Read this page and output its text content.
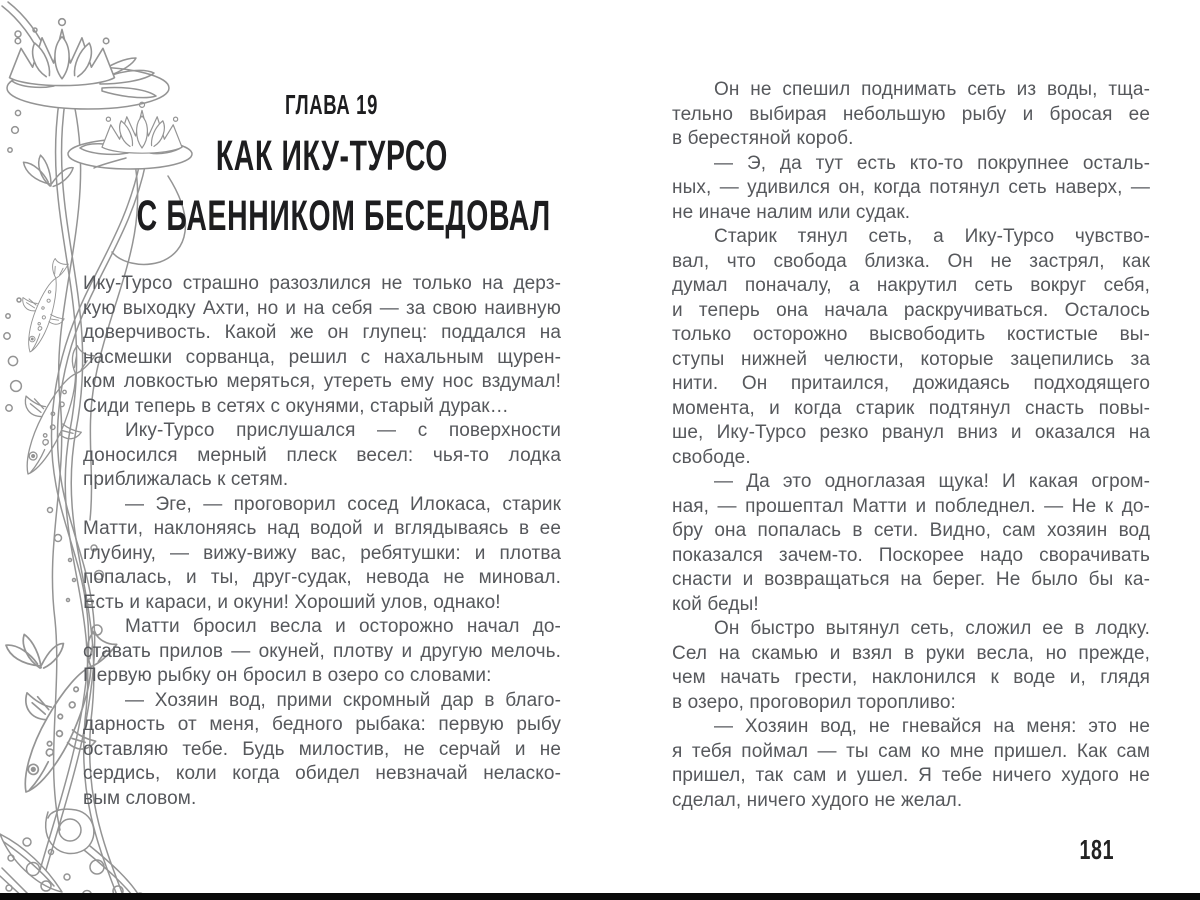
ГЛАВА 19
КАК ИКУ-ТУРСО
С БАЕННИКОМ БЕСЕДОВАЛ
Ику-Турсо страшно разозлился не только на дерз-
кую выходку Ахти, но и на себя — за свою наивную
доверчивость. Какой же он глупец: поддался на
насмешки сорванца, решил с нахальным щурен-
ком ловкостью меряться, утереть ему нос вздумал!
Сиди теперь в сетях с окунями, старый дурак…
Ику-Турсо прислушался — с поверхности
доносился мерный плеск весел: чья-то лодка
приближалась к сетям.
— Эге, — проговорил сосед Илокаса, старик
Матти, наклоняясь над водой и вглядываясь в ее
глубину, — вижу-вижу вас, ребятушки: и плотва
попалась, и ты, друг-судак, невода не миновал.
Есть и караси, и окуни! Хороший улов, однако!
Матти бросил весла и осторожно начал до-
ставать прилов — окуней, плотву и другую мелочь.
Первую рыбку он бросил в озеро со словами:
— Хозяин вод, прими скромный дар в благо-
дарность от меня, бедного рыбака: первую рыбу
оставляю тебе. Будь милостив, не серчай и не
сердись, коли когда обидел невзначай неласко-
вым словом.
Он не спешил поднимать сеть из воды, тща-
тельно выбирая небольшую рыбу и бросая ее
в берестяной короб.
— Э, да тут есть кто-то покрупнее осталь-
ных, — удивился он, когда потянул сеть наверх, —
не иначе налим или судак.
Старик тянул сеть, а Ику-Турсо чувство-
вал, что свобода близка. Он не застрял, как
думал поначалу, а накрутил сеть вокруг себя,
и теперь она начала раскручиваться. Осталось
только осторожно высвободить костистые вы-
ступы нижней челюсти, которые зацепились за
нити. Он притаился, дожидаясь подходящего
момента, и когда старик подтянул снасть повы-
ше, Ику-Турсо резко рванул вниз и оказался на
свободе.
— Да это одноглазая щука! И какая огром-
ная, — прошептал Матти и побледнел. — Не к до-
бру она попалась в сети. Видно, сам хозяин вод
показался зачем-то. Поскорее надо сворачивать
снасти и возвращаться на берег. Не было бы ка-
кой беды!
Он быстро вытянул сеть, сложил ее в лодку.
Сел на скамью и взял в руки весла, но прежде,
чем начать грести, наклонился к воде и, глядя
в озеро, проговорил торопливо:
— Хозяин вод, не гневайся на меня: это не
я тебя поймал — ты сам ко мне пришел. Как сам
пришел, так сам и ушел. Я тебе ничего худого не
сделал, ничего худого не желал.
181
